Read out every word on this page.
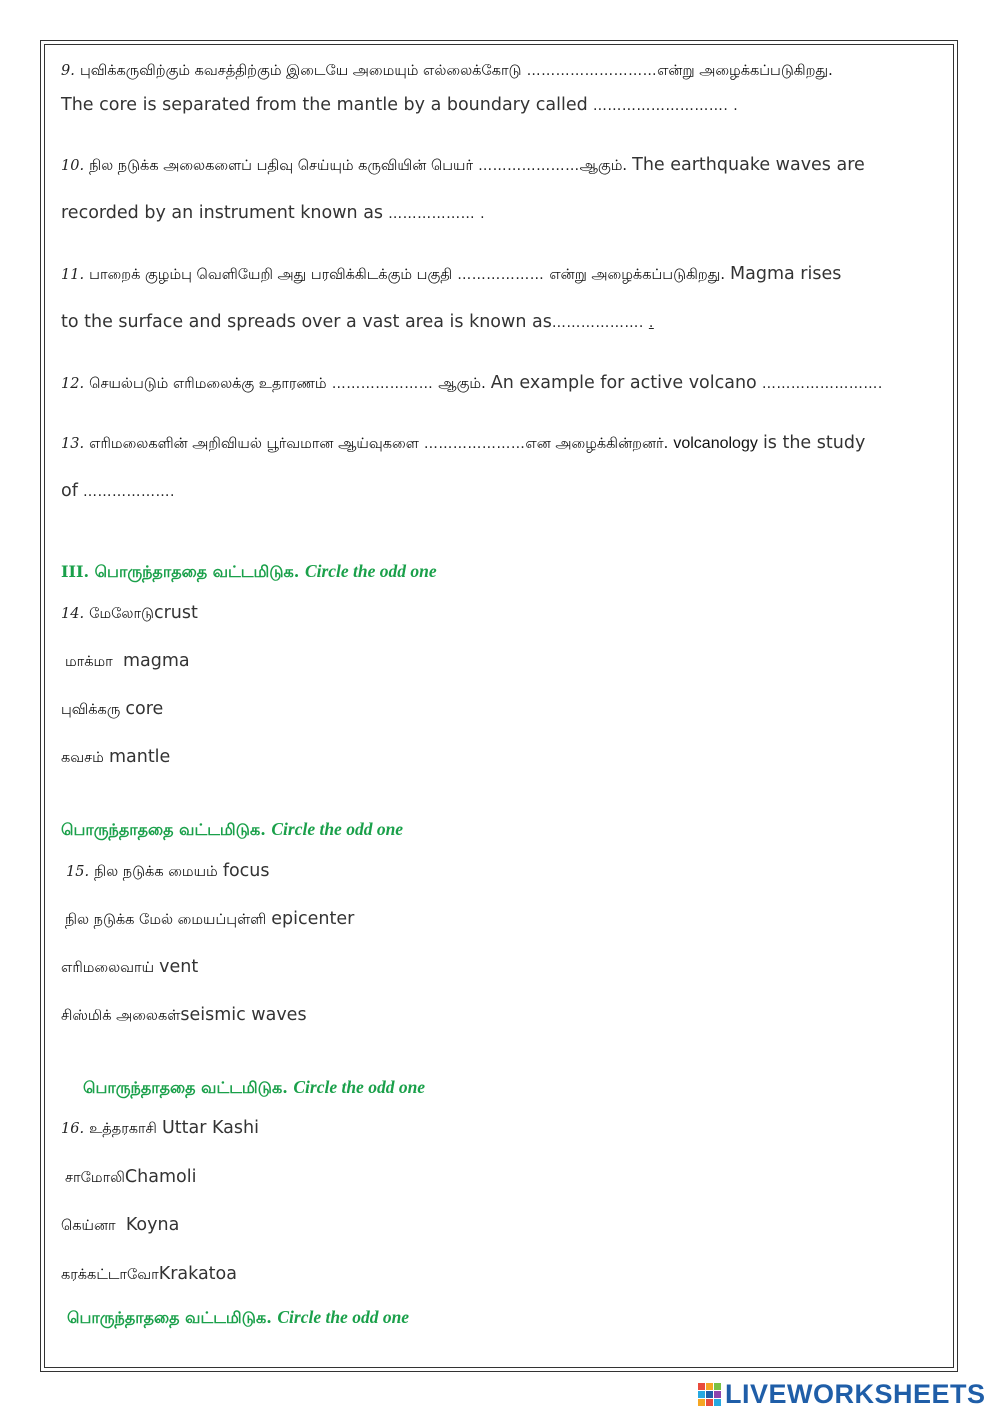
9. புவிக்கருவிற்கும் கவசத்திற்கும் இடையே அமையும் எல்லைக்கோடு ………………………என்று அழைக்கப்படுகிறது.
The core is separated from the mantle by a boundary called ………………………. .
10. நில நடுக்க அலைகளைப் பதிவு செய்யும் கருவியின் பெயர் …………………ஆகும். The earthquake waves are
recorded by an instrument known as ……………… .
11. பாறைக் குழம்பு வெளியேறி அது பரவிக்கிடக்கும் பகுதி ……………… என்று அழைக்கப்படுகிறது. Magma rises
to the surface and spreads over a vast area is known as………………. .
12. செயல்படும் எரிமலைக்கு உதாரணம் ………………… ஆகும். An example for active volcano …………………….
13. எரிமலைகளின் அறிவியல் பூர்வமான ஆய்வுகளை …………………என அழைக்கின்றனர். volcanology is the study
of ……………….
III. பொருந்தாததை வட்டமிடுக. Circle the odd one
14. மேலோடுcrust
மாக்மா magma
புவிக்கரு core
கவசம் mantle
பொருந்தாததை வட்டமிடுக. Circle the odd one
15. நில நடுக்க மையம் focus
நில நடுக்க மேல் மையப்புள்ளி epicenter
எரிமலைவாய் vent
சிஸ்மிக் அலைகள்seismic waves
பொருந்தாததை வட்டமிடுக. Circle the odd one
16. உத்தரகாசி Uttar Kashi
சாமோலிChamoli
கெய்னா Koyna
கரக்கட்டாவோKrakatoa
பொருந்தாததை வட்டமிடுக. Circle the odd one
LIVEWORKSHEETS
